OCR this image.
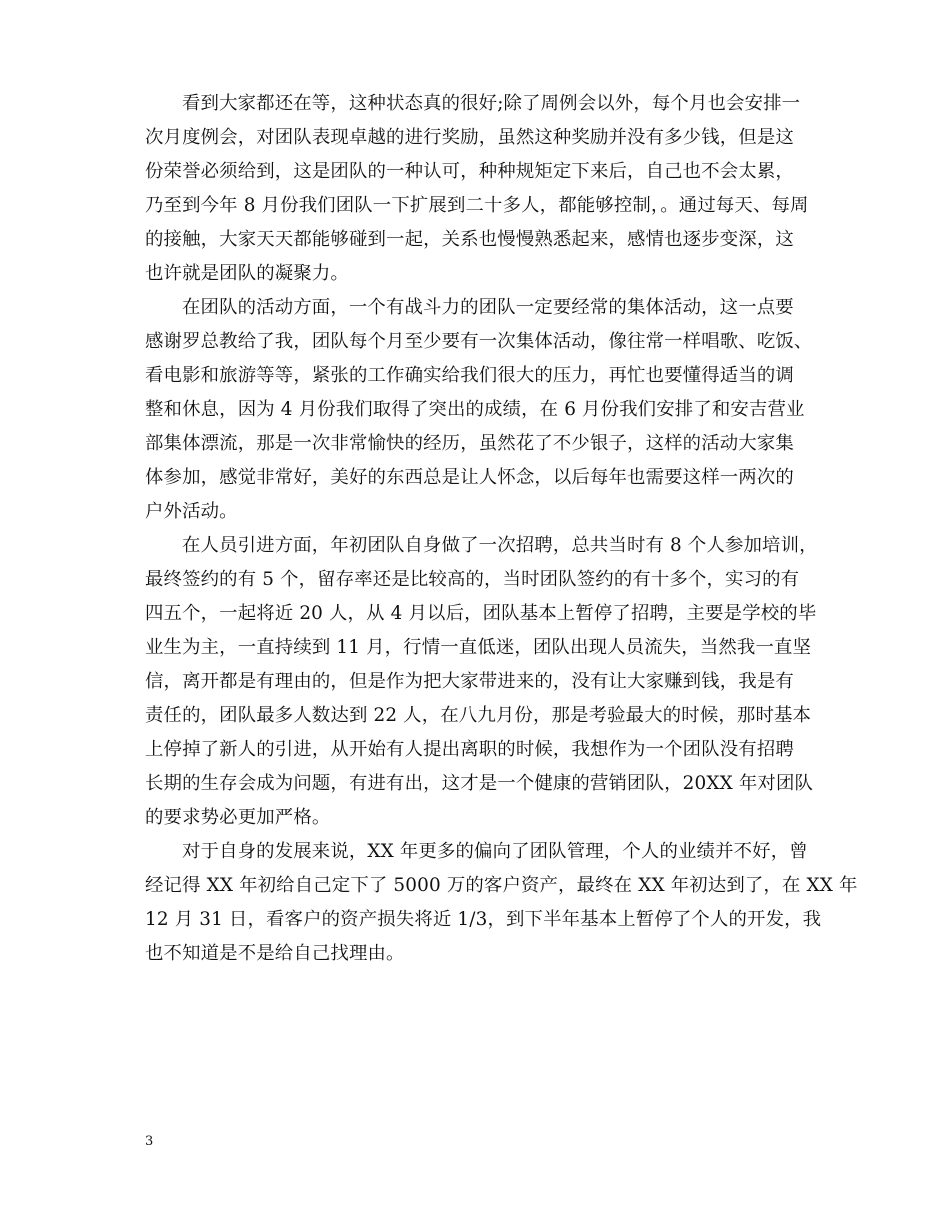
看到大家都还在等，这种状态真的很好;除了周例会以外，每个月也会安排一
次月度例会，对团队表现卓越的进行奖励，虽然这种奖励并没有多少钱，但是这
份荣誉必须给到，这是团队的一种认可，种种规矩定下来后，自己也不会太累，
乃至到今年 8 月份我们团队一下扩展到二十多人，都能够控制，。通过每天、每周
的接触，大家天天都能够碰到一起，关系也慢慢熟悉起来，感情也逐步变深，这
也许就是团队的凝聚力。
在团队的活动方面，一个有战斗力的团队一定要经常的集体活动，这一点要
感谢罗总教给了我，团队每个月至少要有一次集体活动，像往常一样唱歌、吃饭、
看电影和旅游等等，紧张的工作确实给我们很大的压力，再忙也要懂得适当的调
整和休息，因为 4 月份我们取得了突出的成绩，在 6 月份我们安排了和安吉营业
部集体漂流，那是一次非常愉快的经历，虽然花了不少银子，这样的活动大家集
体参加，感觉非常好，美好的东西总是让人怀念，以后每年也需要这样一两次的
户外活动。
在人员引进方面，年初团队自身做了一次招聘，总共当时有 8 个人参加培训，
最终签约的有 5 个，留存率还是比较高的，当时团队签约的有十多个，实习的有
四五个，一起将近 20 人，从 4 月以后，团队基本上暂停了招聘，主要是学校的毕
业生为主，一直持续到 11 月，行情一直低迷，团队出现人员流失，当然我一直坚
信，离开都是有理由的，但是作为把大家带进来的，没有让大家赚到钱，我是有
责任的，团队最多人数达到 22 人，在八九月份，那是考验最大的时候，那时基本
上停掉了新人的引进，从开始有人提出离职的时候，我想作为一个团队没有招聘
长期的生存会成为问题，有进有出，这才是一个健康的营销团队，20XX 年对团队
的要求势必更加严格。
对于自身的发展来说，XX 年更多的偏向了团队管理，个人的业绩并不好，曾
经记得 XX 年初给自己定下了 5000 万的客户资产，最终在 XX 年初达到了，在 XX 年
12 月 31 日，看客户的资产损失将近 1/3，到下半年基本上暂停了个人的开发，我
也不知道是不是给自己找理由。
3
